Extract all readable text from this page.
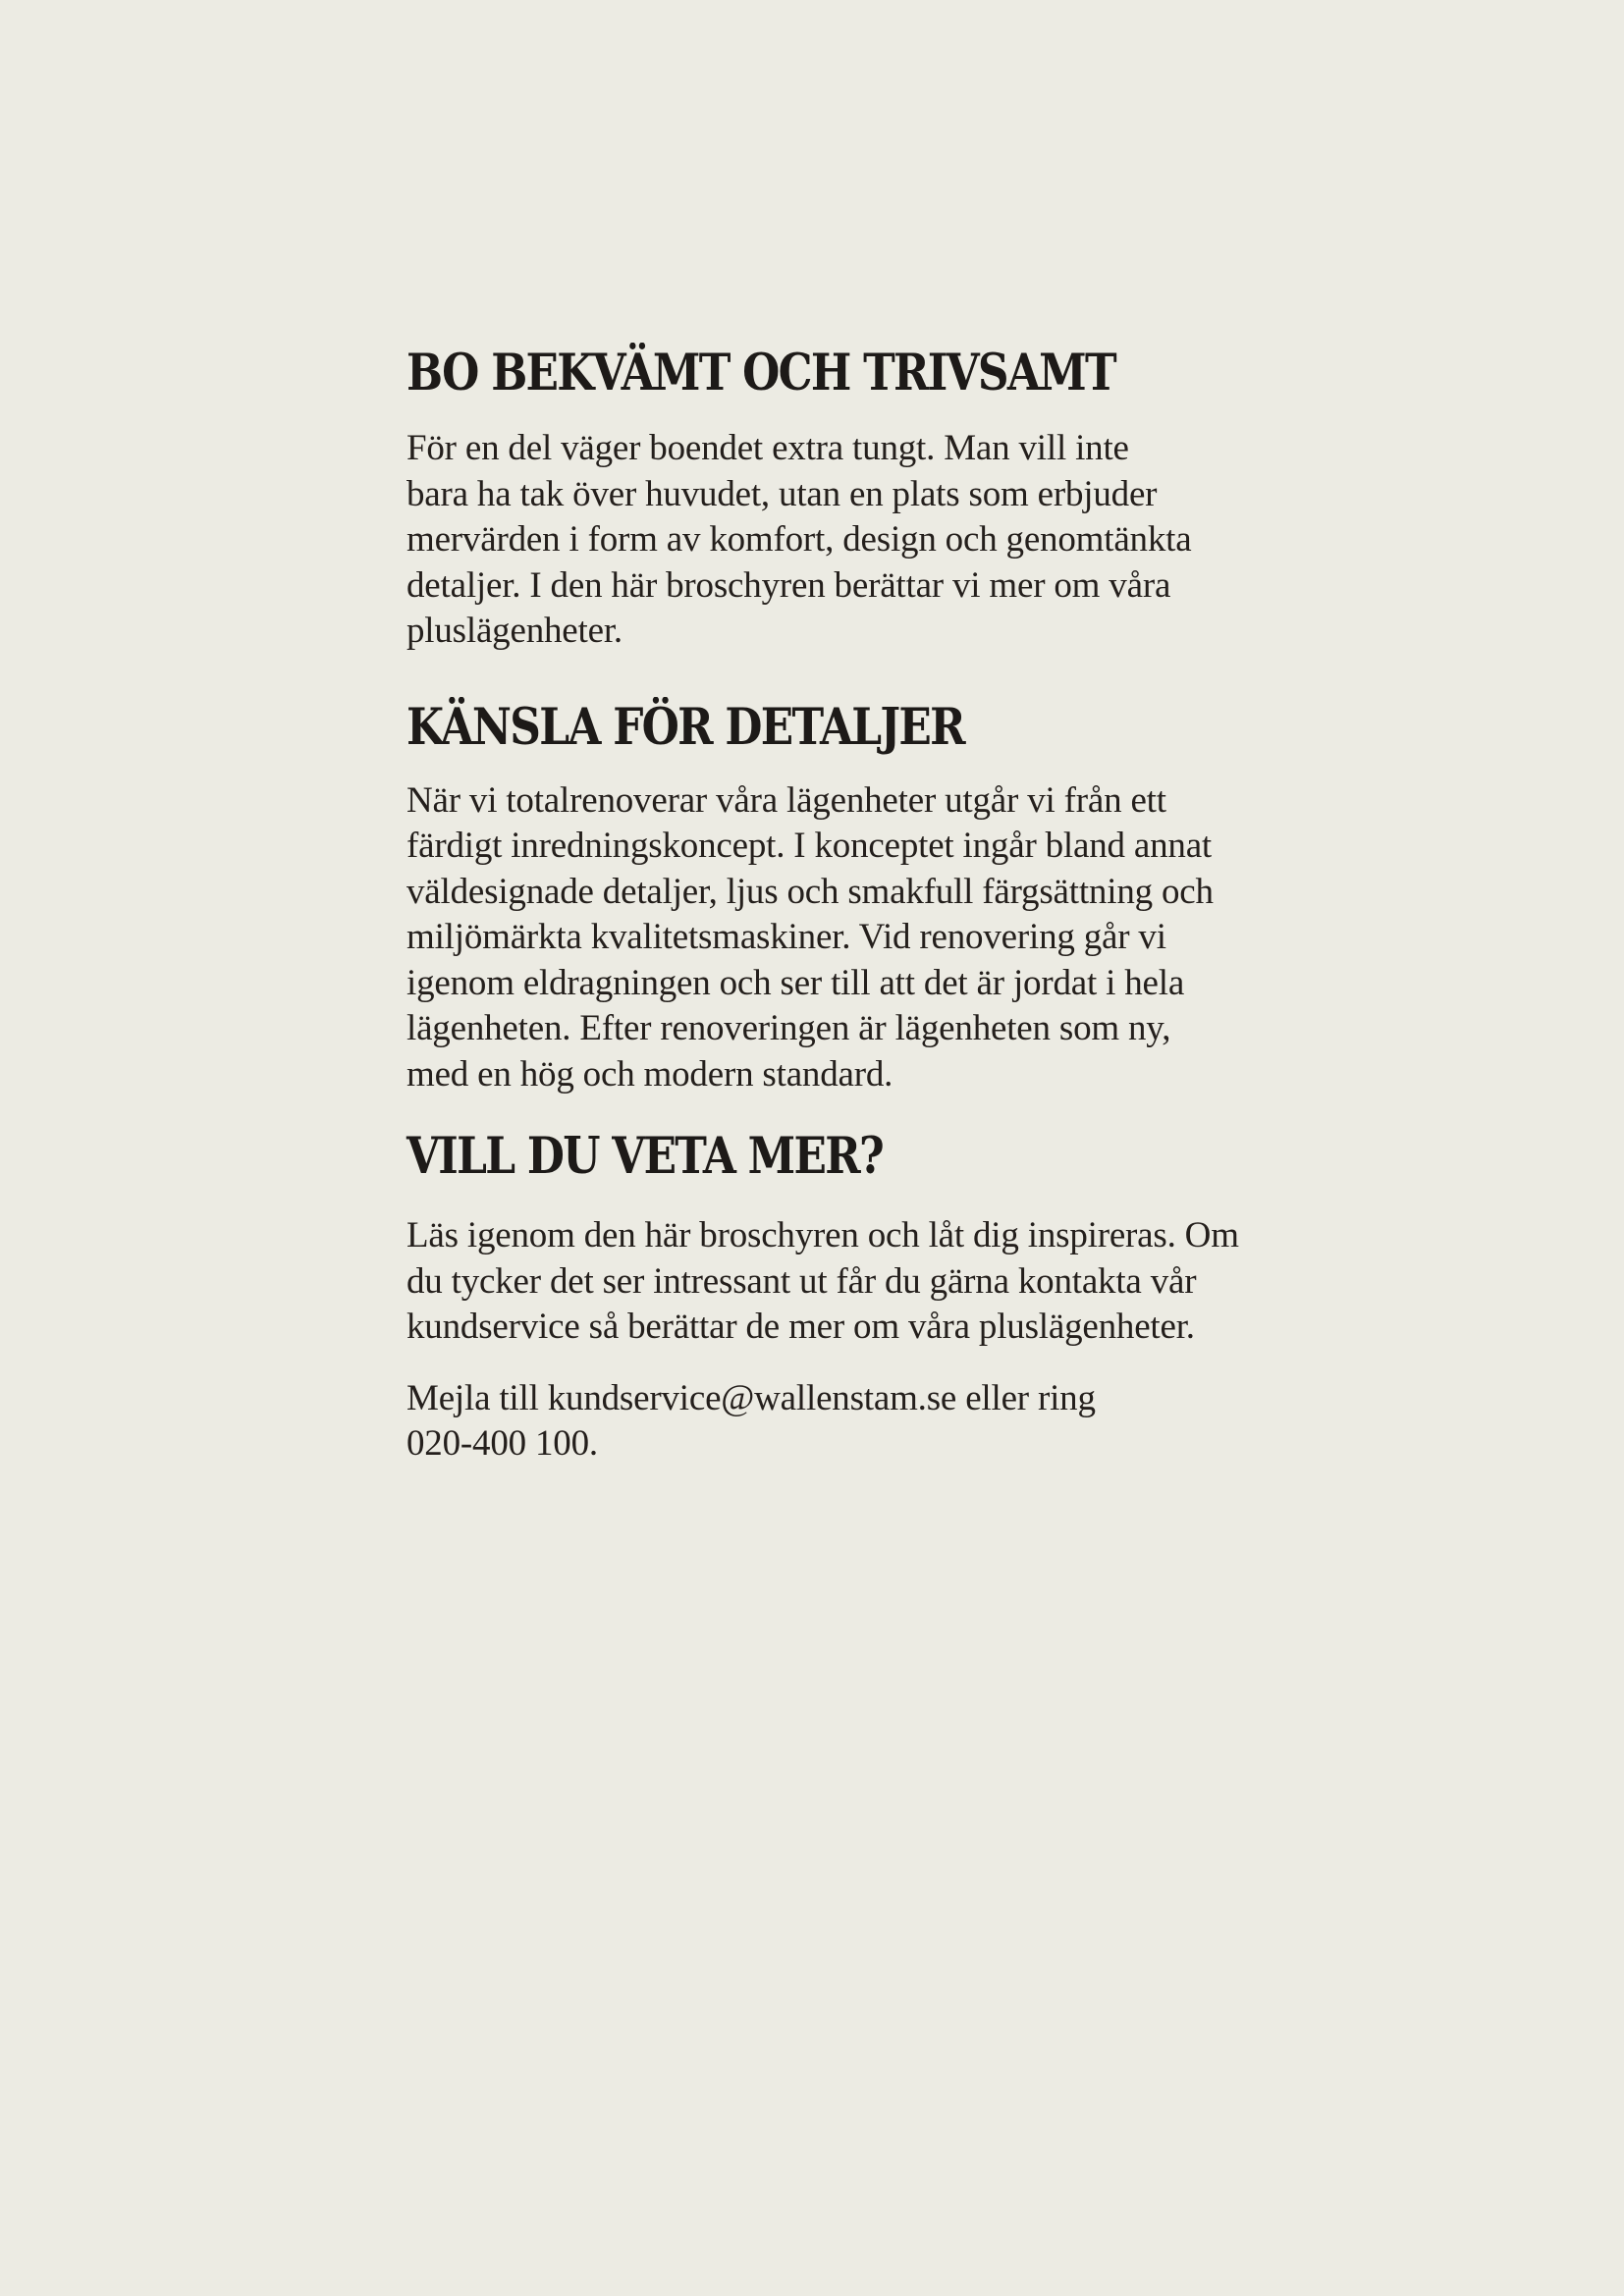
BO BEKVÄMT OCH TRIVSAMT

För en del väger boendet extra tungt. Man vill inte
bara ha tak över huvudet, utan en plats som erbjuder
mervärden i form av komfort, design och genomtänkta
detaljer. I den här broschyren berättar vi mer om våra
pluslägenheter.

KÄNSLA FÖR DETALJER

När vi totalrenoverar våra lägenheter utgår vi från ett
färdigt inredningskoncept. I konceptet ingår bland annat
väldesignade detaljer, ljus och smakfull färgsättning och
miljömärkta kvalitetsmaskiner. Vid renovering går vi
igenom eldragningen och ser till att det är jordat i hela
lägenheten. Efter renoveringen är lägenheten som ny,
med en hög och modern standard.

VILL DU VETA MER?

Läs igenom den här broschyren och låt dig inspireras. Om
du tycker det ser intressant ut får du gärna kontakta vår
kundservice så berättar de mer om våra pluslägenheter.

Mejla till kundservice@wallenstam.se eller ring
020-400 100.
